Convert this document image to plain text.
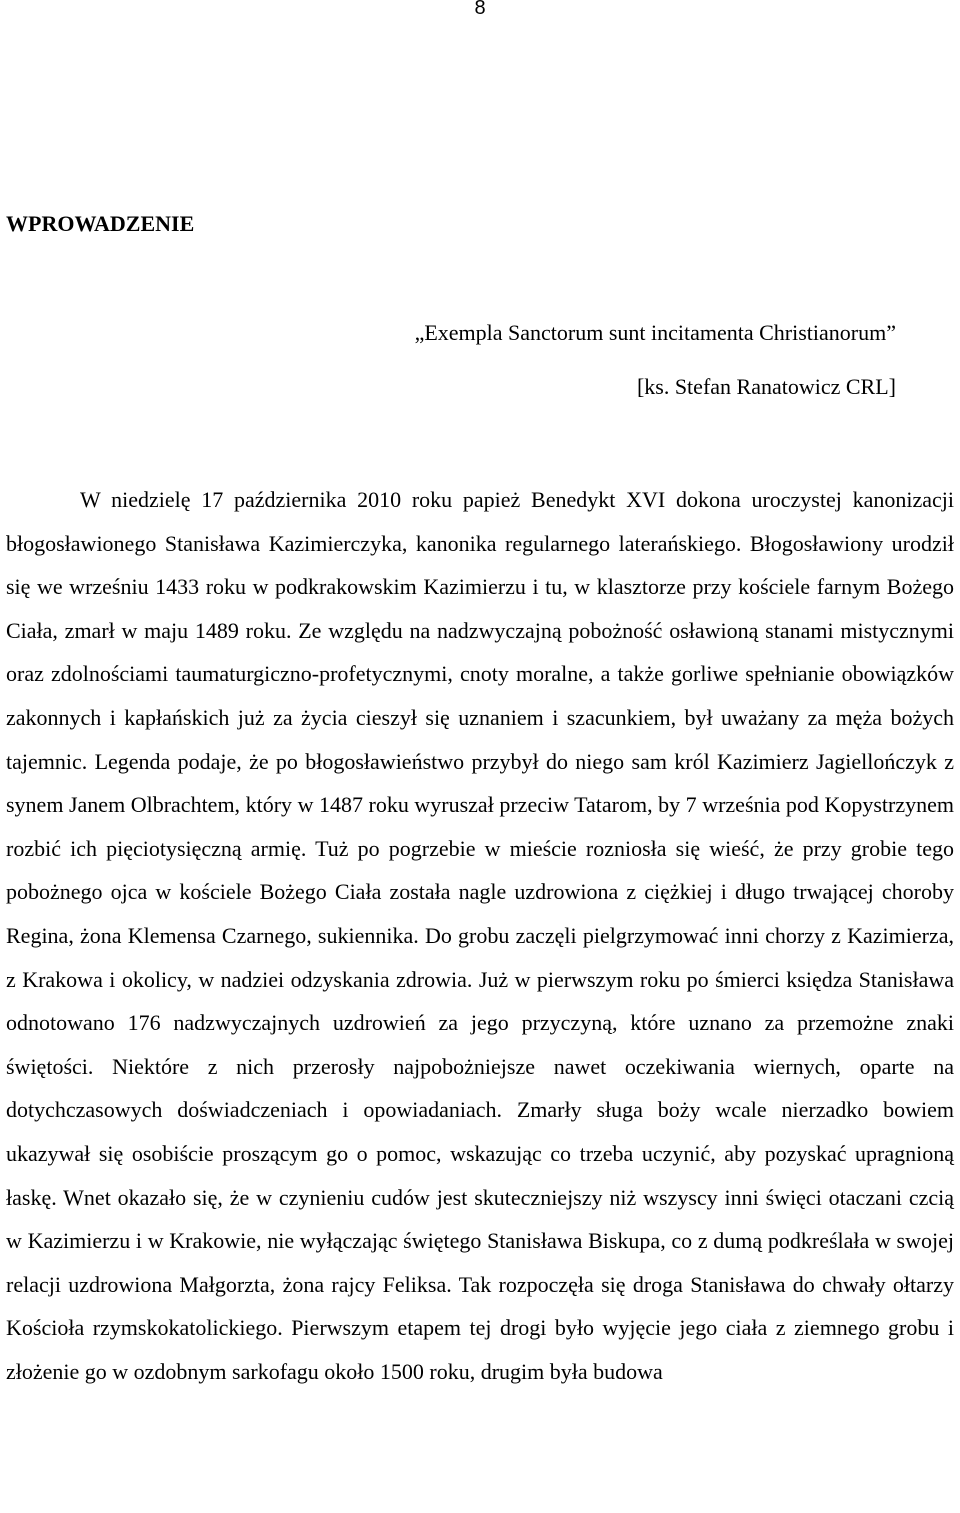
8
WPROWADZENIE
„Exempla Sanctorum sunt incitamenta Christianorum”
[ks. Stefan Ranatowicz CRL]

W niedzielę 17 października 2010 roku papież Benedykt XVI dokona uroczystej kanonizacji błogosławionego Stanisława Kazimierczyka, kanonika regularnego laterańskiego. Błogosławiony urodził się we wrześniu 1433 roku w podkrakowskim Kazimierzu i tu, w klasztorze przy kościele farnym Bożego Ciała, zmarł w maju 1489 roku. Ze względu na nadzwyczajną pobożność osławioną stanami mistycznymi oraz zdolnościami taumaturgiczno-profetycznymi, cnoty moralne, a także gorliwe spełnianie obowiązków zakonnych i kapłańskich już za życia cieszył się uznaniem i szacunkiem, był uważany za męża bożych tajemnic. Legenda podaje, że po błogosławieństwo przybył do niego sam król Kazimierz Jagiellończyk z synem Janem Olbrachtem, który w 1487 roku wyruszał przeciw Tatarom, by 7 września pod Kopystrzynem rozbić ich pięciotysięczną armię. Tuż po pogrzebie w mieście rozniosła się wieść, że przy grobie tego pobożnego ojca w kościele Bożego Ciała została nagle uzdrowiona z ciężkiej i długo trwającej choroby Regina, żona Klemensa Czarnego, sukiennika. Do grobu zaczęli pielgrzymować inni chorzy z Kazimierza, z Krakowa i okolicy, w nadziei odzyskania zdrowia. Już w pierwszym roku po śmierci księdza Stanisława odnotowano 176 nadzwyczajnych uzdrowień za jego przyczyną, które uznano za przemożne znaki świętości. Niektóre z nich przerosły najpobożniejsze nawet oczekiwania wiernych, oparte na dotychczasowych doświadczeniach i opowiadaniach. Zmarły sługa boży wcale nierzadko bowiem ukazywał się osobiście proszącym go o pomoc, wskazując co trzeba uczynić, aby pozyskać upragnioną łaskę. Wnet okazało się, że w czynieniu cudów jest skuteczniejszy niż wszyscy inni święci otaczani czcią w Kazimierzu i w Krakowie, nie wyłączając świętego Stanisława Biskupa, co z dumą podkreślała w swojej relacji uzdrowiona Małgorzta, żona rajcy Feliksa. Tak rozpoczęła się droga Stanisława do chwały ołtarzy Kościoła rzymskokatolickiego. Pierwszym etapem tej drogi było wyjęcie jego ciała z ziemnego grobu i złożenie go w ozdobnym sarkofagu około 1500 roku, drugim była budowa
